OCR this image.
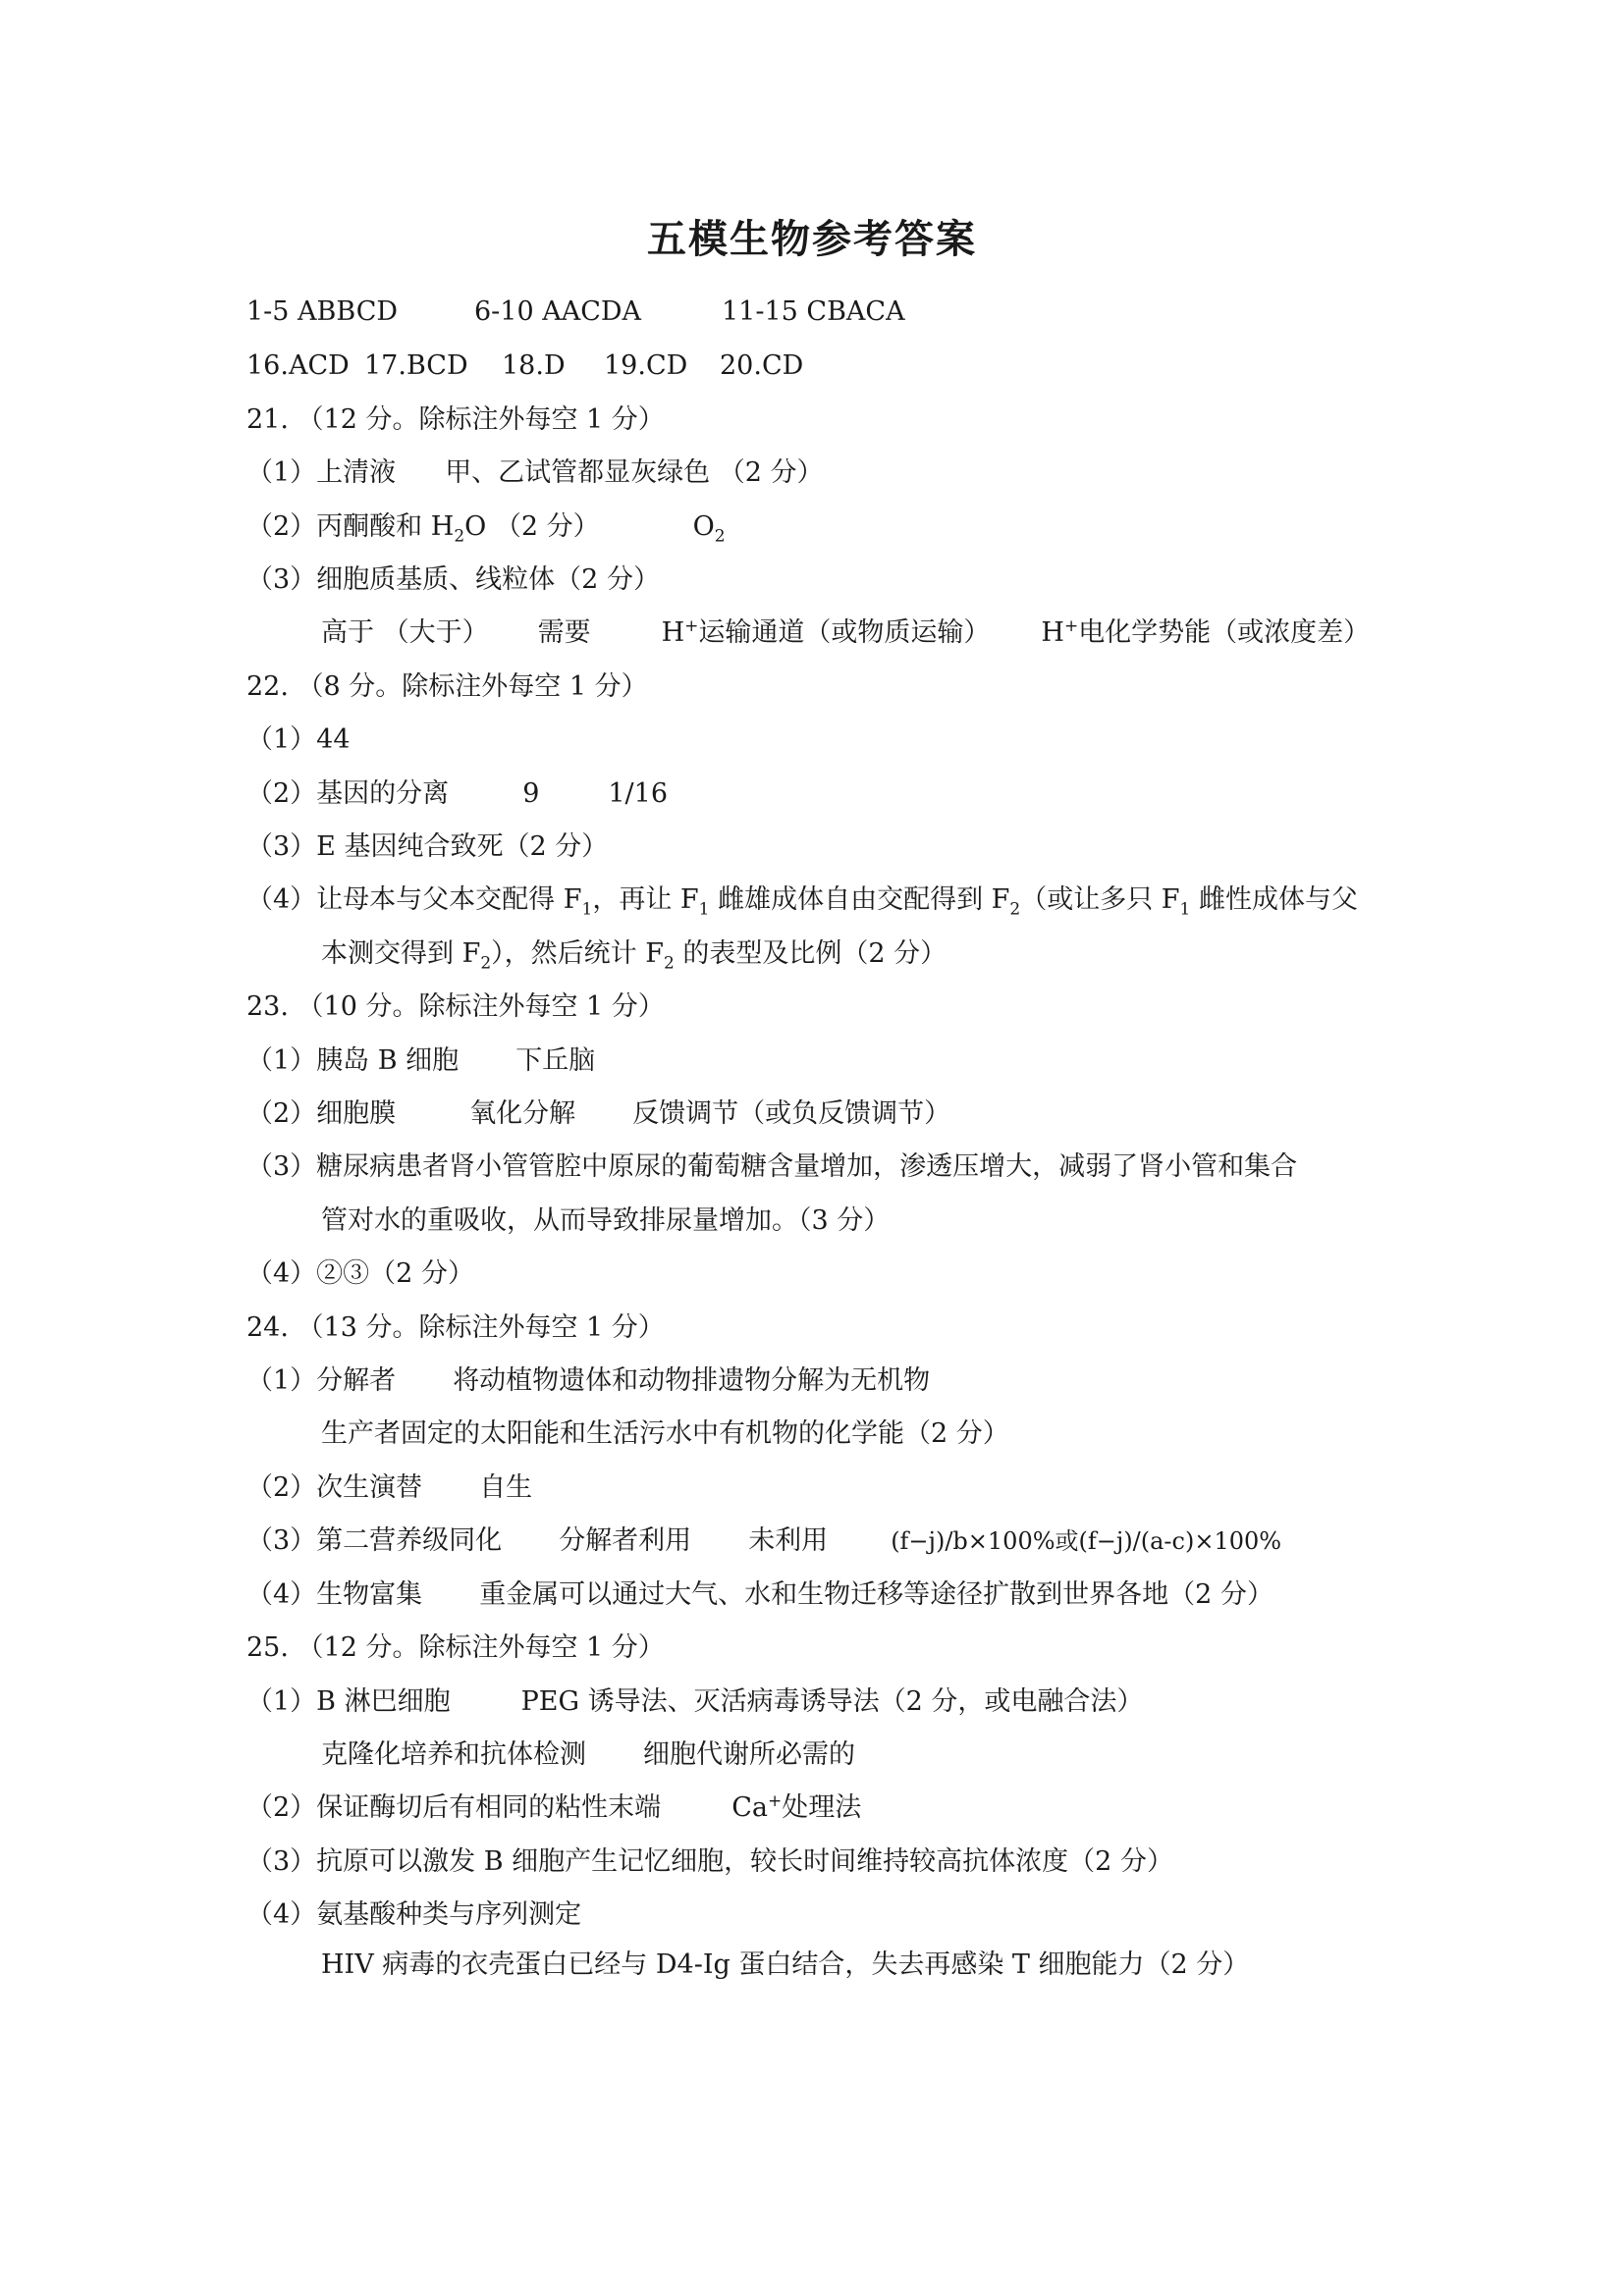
五模生物参考答案
1-5 ABBCD	6-10 AACDA	11-15 CBACA
16.ACD 17.BCD 18.D 19.CD 20.CD
21. （12 分。除标注外每空 1 分）
（1）上清液 甲、乙试管都显灰绿色 （2 分）
（2）丙酮酸和 $H_2O$ （2 分）	$O_2$
（3）细胞质基质、线粒体（2 分）
高于 （大于） 需要	H+运输通道（或物质运输） H+电化学势能（或浓度差）
22. （8 分。除标注外每空 1 分）
（1）44
（2）基因的分离	9	1/16
（3）E 基因纯合致死（2 分）
（4）让母本与父本交配得 $F_1$，再让 $F_1$ 雌雄成体自由交配得到 $F_2$（或让多只 $F_1$ 雌性成体与父
本测交得到 $F_2$），然后统计 $F_2$ 的表型及比例（2 分）
23. （10 分。除标注外每空 1 分）
（1）胰岛 B 细胞 下丘脑
（2）细胞膜	氧化分解 反馈调节（或负反馈调节）
（3）糖尿病患者肾小管管腔中原尿的葡萄糖含量增加，渗透压增大，减弱了肾小管和集合
管对水的重吸收，从而导致排尿量增加。（3 分）
（4）②③（2 分）
24. （13 分。除标注外每空 1 分）
（1）分解者 将动植物遗体和动物排遗物分解为无机物
生产者固定的太阳能和生活污水中有机物的化学能（2 分）
（2）次生演替 自生
（3）第二营养级同化 分解者利用 未利用	(f−j)/b×100%或(f−j)/(a-c)×100%
（4）生物富集 重金属可以通过大气、水和生物迁移等途径扩散到世界各地（2 分）
25. （12 分。除标注外每空 1 分）
（1）B 淋巴细胞	PEG 诱导法、灭活病毒诱导法（2 分，或电融合法）
克隆化培养和抗体检测 细胞代谢所必需的
（2）保证酶切后有相同的粘性末端	Ca+处理法
（3）抗原可以激发 B 细胞产生记忆细胞，较长时间维持较高抗体浓度（2 分）
（4）氨基酸种类与序列测定
HIV 病毒的衣壳蛋白已经与 D4-Ig 蛋白结合，失去再感染 T 细胞能力（2 分）
